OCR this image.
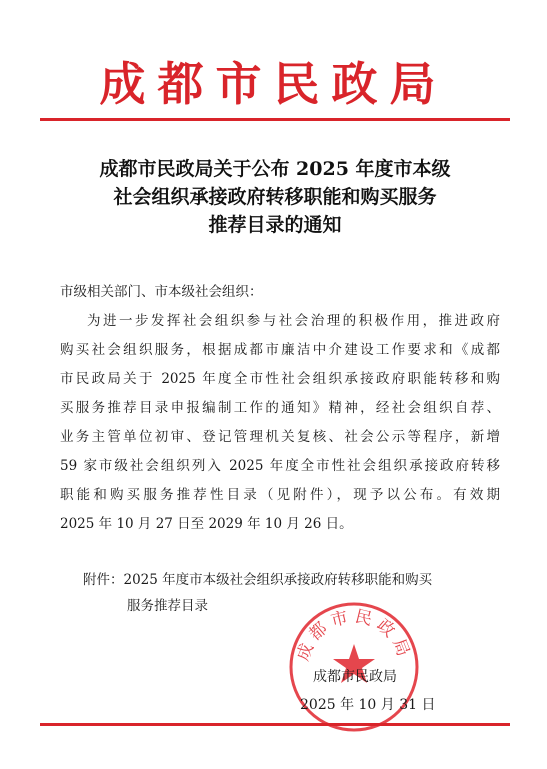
成都市民政局
成都市民政局关于公布 2025 年度市本级
社会组织承接政府转移职能和购买服务
推荐目录的通知
市级相关部门、市本级社会组织：
为进一步发挥社会组织参与社会治理的积极作用，推进政府
购买社会组织服务，根据成都市廉洁中介建设工作要求和《成都
市民政局关于 2025 年度全市性社会组织承接政府职能转移和购
买服务推荐目录申报编制工作的通知》精神，经社会组织自荐、
业务主管单位初审、登记管理机关复核、社会公示等程序，新增
59 家市级社会组织列入 2025 年度全市性社会组织承接政府转移
职能和购买服务推荐性目录（见附件），现予以公布。有效期
2025 年 10 月 27 日至 2029 年 10 月 26 日。
附件：2025 年度市本级社会组织承接政府转移职能和购买
服务推荐目录
成都市民政局
成都市民政局
2025 年 10 月 31 日
